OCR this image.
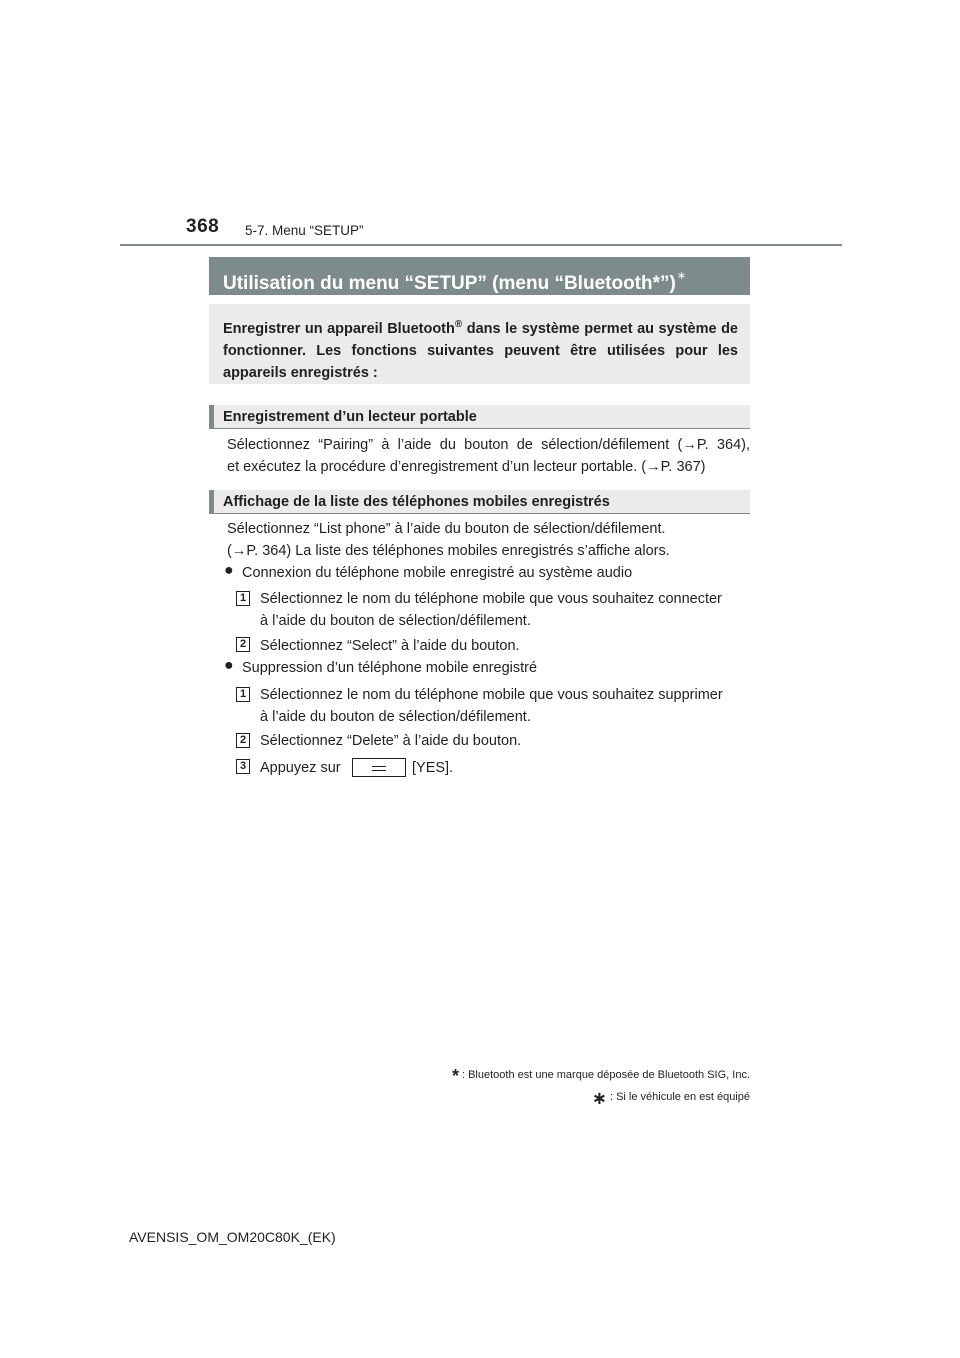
368 5-7. Menu “SETUP”
Utilisation du menu “SETUP” (menu “Bluetooth*”)∗
Enregistrer un appareil Bluetooth® dans le système permet au système de fonctionner. Les fonctions suivantes peuvent être utilisées pour les appareils enregistrés :
Enregistrement d’un lecteur portable
Sélectionnez “Pairing” à l’aide du bouton de sélection/défilement (→P. 364),
et exécutez la procédure d’enregistrement d’un lecteur portable. (→P. 367)
Affichage de la liste des téléphones mobiles enregistrés
Sélectionnez “List phone” à l’aide du bouton de sélection/défilement.
(→P. 364) La liste des téléphones mobiles enregistrés s’affiche alors.
● Connexion du téléphone mobile enregistré au système audio
1 Sélectionnez le nom du téléphone mobile que vous souhaitez connecter
à l’aide du bouton de sélection/défilement.
2 Sélectionnez “Select” à l’aide du bouton.
● Suppression d’un téléphone mobile enregistré
1 Sélectionnez le nom du téléphone mobile que vous souhaitez supprimer
à l’aide du bouton de sélection/défilement.
2 Sélectionnez “Delete” à l’aide du bouton.
3 Appuyez sur	[YES].
* : Bluetooth est une marque déposée de Bluetooth SIG, Inc.
∗ : Si le véhicule en est équipé
AVENSIS_OM_OM20C80K_(EK)
